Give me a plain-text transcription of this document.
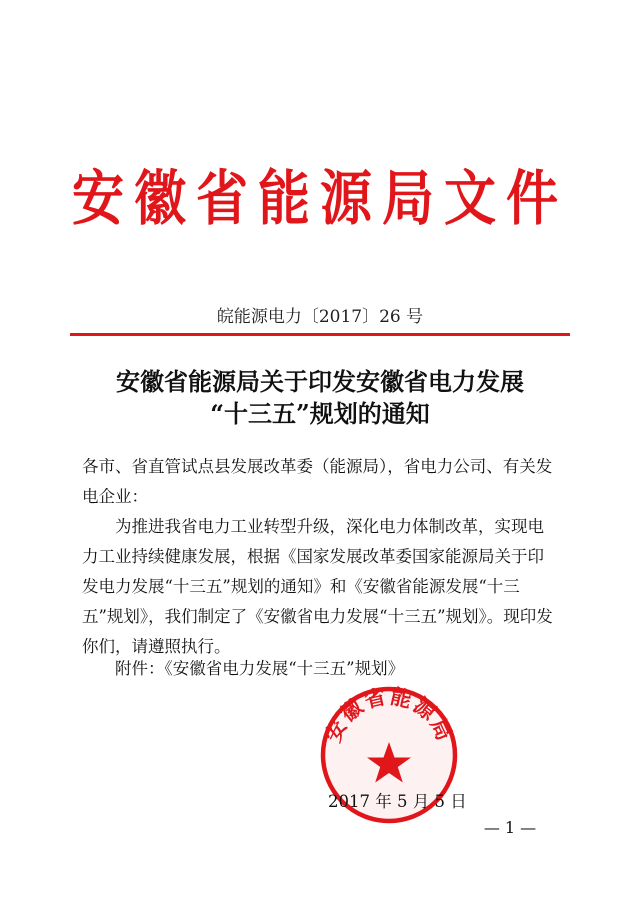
安徽省能源局文件
皖能源电力〔2017〕26 号
安徽省能源局关于印发安徽省电力发展
“十三五”规划的通知

各市、省直管试点县发展改革委（能源局），省电力公司、有关发电企业：

为推进我省电力工业转型升级，深化电力体制改革，实现电力工业持续健康发展，根据《国家发展改革委国家能源局关于印发电力发展“十三五”规划的通知》和《安徽省能源发展“十三五”规划》，我们制定了《安徽省电力发展“十三五”规划》。现印发你们，请遵照执行。

附件：《安徽省电力发展“十三五”规划》
安徽省能源局
2017 年 5 月 5 日
— 1 —
